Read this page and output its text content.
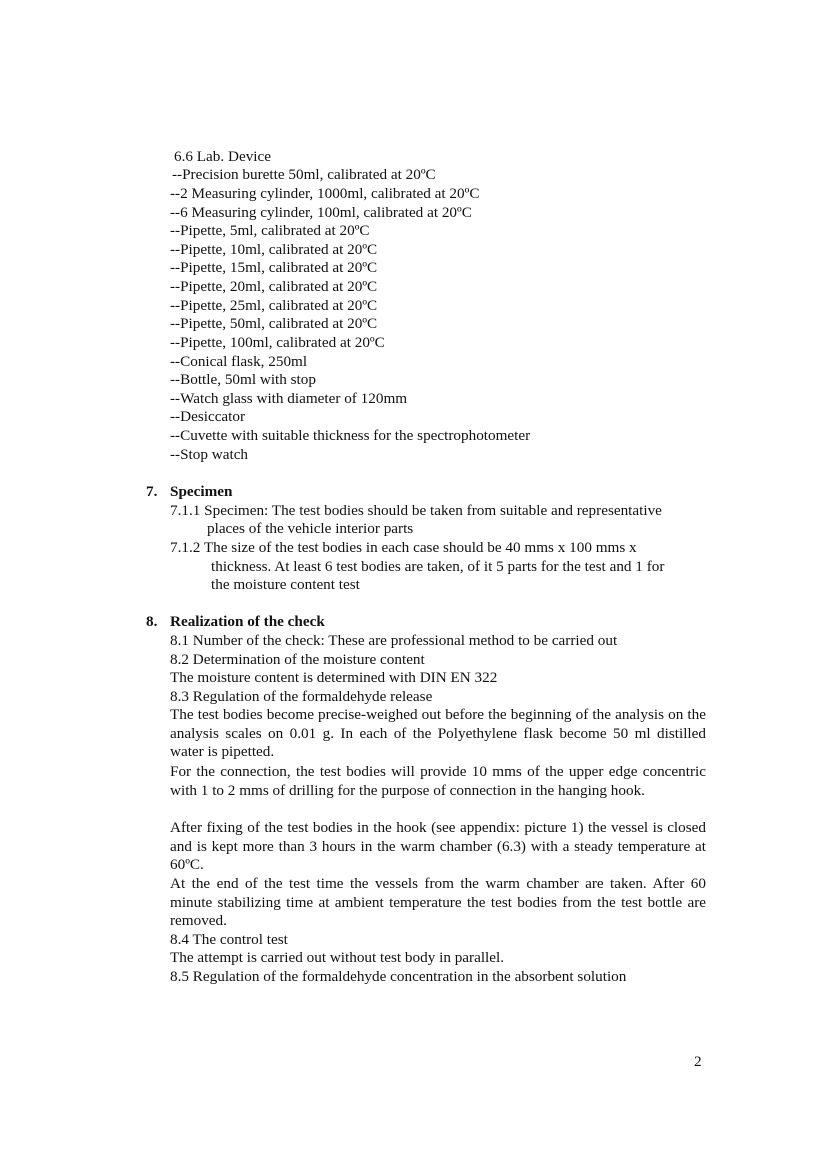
6.6 Lab. Device
--Precision burette 50ml, calibrated at 20ºC
--2 Measuring cylinder, 1000ml, calibrated at 20ºC
--6 Measuring cylinder, 100ml, calibrated at 20ºC
--Pipette, 5ml, calibrated at 20ºC
--Pipette, 10ml, calibrated at 20ºC
--Pipette, 15ml, calibrated at 20ºC
--Pipette, 20ml, calibrated at 20ºC
--Pipette, 25ml, calibrated at 20ºC
--Pipette, 50ml, calibrated at 20ºC
--Pipette, 100ml, calibrated at 20ºC
--Conical flask, 250ml
--Bottle, 50ml with stop
--Watch glass with diameter of 120mm
--Desiccator
--Cuvette with suitable thickness for the spectrophotometer
--Stop watch
7. Specimen
7.1.1 Specimen: The test bodies should be taken from suitable and representative
places of the vehicle interior parts
7.1.2 The size of the test bodies in each case should be 40 mms x 100 mms x
thickness. At least 6 test bodies are taken, of it 5 parts for the test and 1 for
the moisture content test
8. Realization of the check
8.1 Number of the check: These are professional method to be carried out
8.2 Determination of the moisture content
The moisture content is determined with DIN EN 322
8.3 Regulation of the formaldehyde release
The test bodies become precise-weighed out before the beginning of the analysis on the analysis scales on 0.01 g. In each of the Polyethylene flask become 50 ml distilled water is pipetted.
For the connection, the test bodies will provide 10 mms of the upper edge concentric with 1 to 2 mms of drilling for the purpose of connection in the hanging hook.
After fixing of the test bodies in the hook (see appendix: picture 1) the vessel is closed and is kept more than 3 hours in the warm chamber (6.3) with a steady temperature at 60ºC.
At the end of the test time the vessels from the warm chamber are taken. After 60 minute stabilizing time at ambient temperature the test bodies from the test bottle are removed.
8.4 The control test
The attempt is carried out without test body in parallel.
8.5 Regulation of the formaldehyde concentration in the absorbent solution
2
